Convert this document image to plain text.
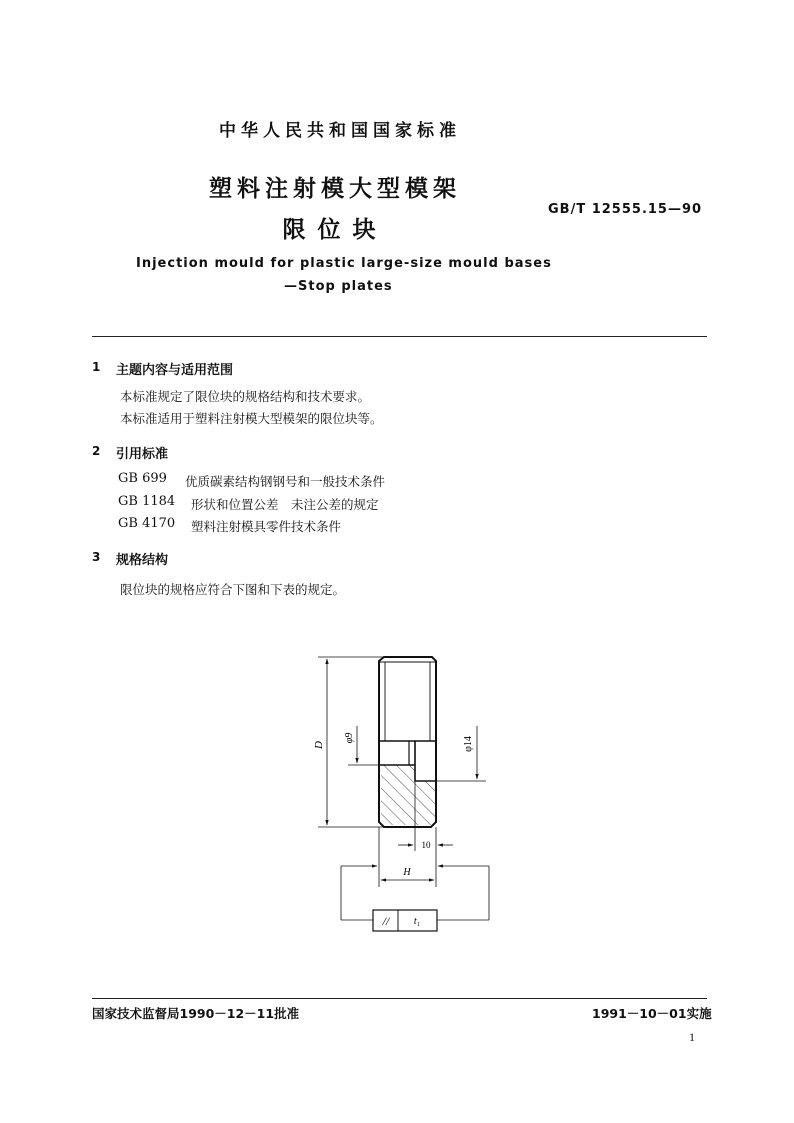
中华人民共和国国家标准
塑料注射模大型模架
限位块
GB/T 12555.15—90
Injection mould for plastic large-size mould bases
—Stop plates
1 主题内容与适用范围
本标准规定了限位块的规格结构和技术要求。
本标准适用于塑料注射模大型模架的限位块等。
2 引用标准
GB 699 优质碳素结构钢钢号和一般技术条件
GB 1184 形状和位置公差　未注公差的规定
GB 4170 塑料注射模具零件技术条件
3 规格结构
限位块的规格应符合下图和下表的规定。
D
φ9	φ14
10
H
// t₁
国家技术监督局1990－12－11批准	1991－10－01实施
1
